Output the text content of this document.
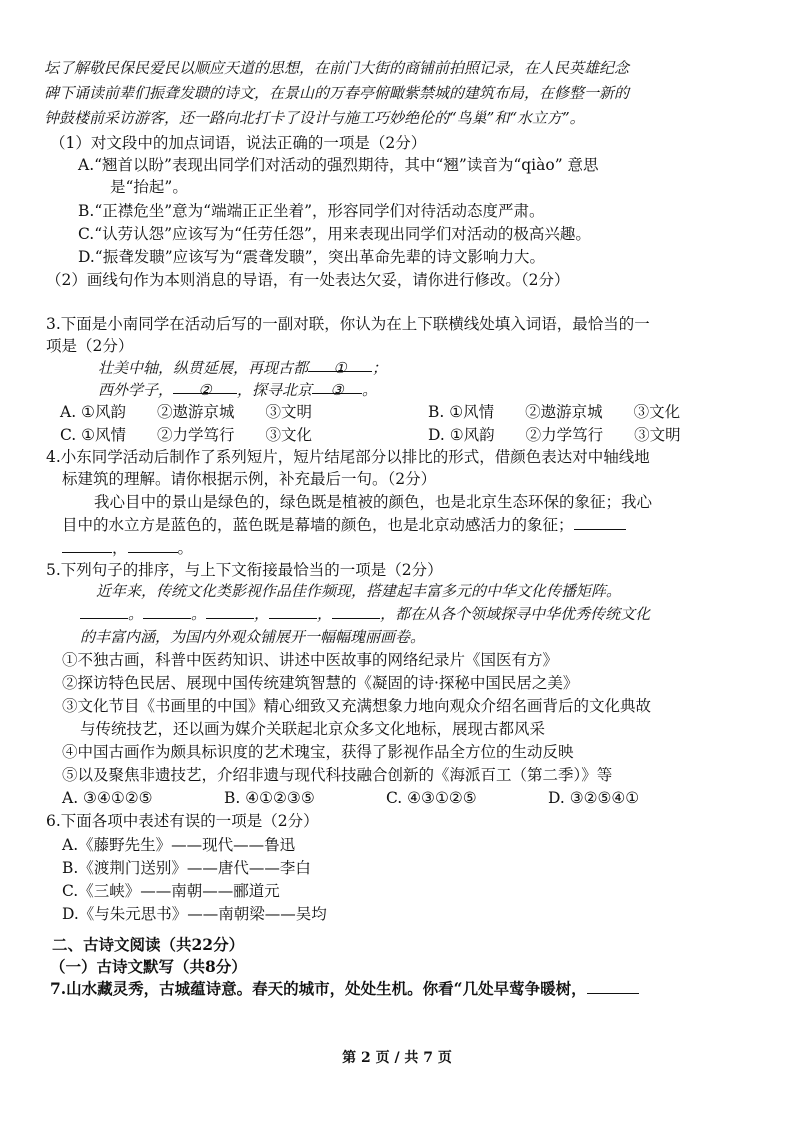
坛了解敬民保民爱民以顺应天道的思想，在前门大街的商铺前拍照记录，在人民英雄纪念
碑下诵读前辈们振聋发聩的诗文，在景山的万春亭俯瞰紫禁城的建筑布局，在修整一新的
钟鼓楼前采访游客，还一路向北打卡了设计与施工巧妙绝伦的“鸟巢”和“水立方”。
（1）对文段中的加点词语，说法正确的一项是（2分）
A.“翘首以盼”表现出同学们对活动的强烈期待，其中“翘”读音为“qiào” 意思
是“抬起”。
B.“正襟危坐”意为“端端正正坐着”，形容同学们对待活动态度严肃。
C.“认劳认怨”应该写为“任劳任怨”，用来表现出同学们对活动的极高兴趣。
D.“振聋发聩”应该写为“震聋发聩”，突出革命先辈的诗文影响力大。
（2）画线句作为本则消息的导语，有一处表达欠妥，请你进行修改。（2分）
3.下面是小南同学在活动后写的一副对联，你认为在上下联横线处填入词语，最恰当的一
项是（2分）
壮美中轴，纵贯延展，再现古都 ① ；
西外学子， ② ，探寻北京 ③ 。
A. ①风韵　　②遨游京城　　③文明	B. ①风情　　②遨游京城　　③文化
C. ①风情　　②力学笃行　　③文化	D. ①风韵　　②力学笃行　　③文明
4.小东同学活动后制作了系列短片，短片结尾部分以排比的形式，借颜色表达对中轴线地
标建筑的理解。请你根据示例，补充最后一句。（2分）
我心目中的景山是绿色的，绿色既是植被的颜色，也是北京生态环保的象征；我心
目中的水立方是蓝色的，蓝色既是幕墙的颜色，也是北京动感活力的象征；
，	。
5.下列句子的排序，与上下文衔接最恰当的一项是（2分）
近年来，传统文化类影视作品佳作频现，搭建起丰富多元的中华文化传播矩阵。
。	。	，	，	，都在从各个领域探寻中华优秀传统文化
的丰富内涵，为国内外观众铺展开一幅幅瑰丽画卷。
①不独古画，科普中医药知识、讲述中医故事的网络纪录片《国医有方》
②探访特色民居、展现中国传统建筑智慧的《凝固的诗·探秘中国民居之美》
③文化节目《书画里的中国》精心细致又充满想象力地向观众介绍名画背后的文化典故
与传统技艺，还以画为媒介关联起北京众多文化地标，展现古都风采
④中国古画作为颇具标识度的艺术瑰宝，获得了影视作品全方位的生动反映
⑤以及聚焦非遗技艺，介绍非遗与现代科技融合创新的《海派百工（第二季）》等
A. ③④①②⑤	B. ④①②③⑤	C. ④③①②⑤	D. ③②⑤④①
6.下面各项中表述有误的一项是（2分）
A.《藤野先生》——现代——鲁迅
B.《渡荆门送别》——唐代——李白
C.《三峡》——南朝——郦道元
D.《与朱元思书》——南朝梁——吴均
二、古诗文阅读（共22分）
（一）古诗文默写（共8分）
7.山水藏灵秀，古城蕴诗意。春天的城市，处处生机。你看“几处早莺争暖树，
第 2 页 / 共 7 页
